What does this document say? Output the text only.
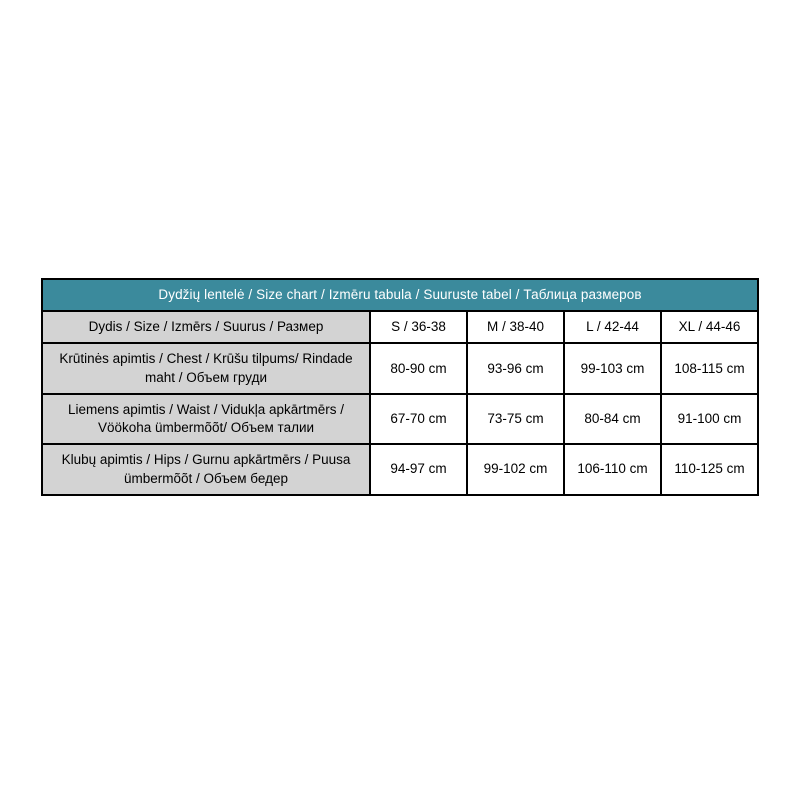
Dydžių lentelė / Size chart / Izmēru tabula / Suuruste tabel / Таблица размеров				
Dydis / Size / Izmērs / Suurus / Размер	S / 36-38	M / 38-40	L / 42-44	XL / 44-46
Krūtinės apimtis / Chest / Krūšu tilpums/ Rindade maht / Объем груди	80-90 cm	93-96 cm	99-103 cm	108-115 cm
Liemens apimtis / Waist / Vidukļa apkārtmērs / Vöökoha ümbermõõt/ Объем талии	67-70 cm	73-75 cm	80-84 cm	91-100 cm
Klubų apimtis / Hips / Gurnu apkārtmērs / Puusa ümbermõõt / Объем бедер	94-97 cm	99-102 cm	106-110 cm	110-125 cm
